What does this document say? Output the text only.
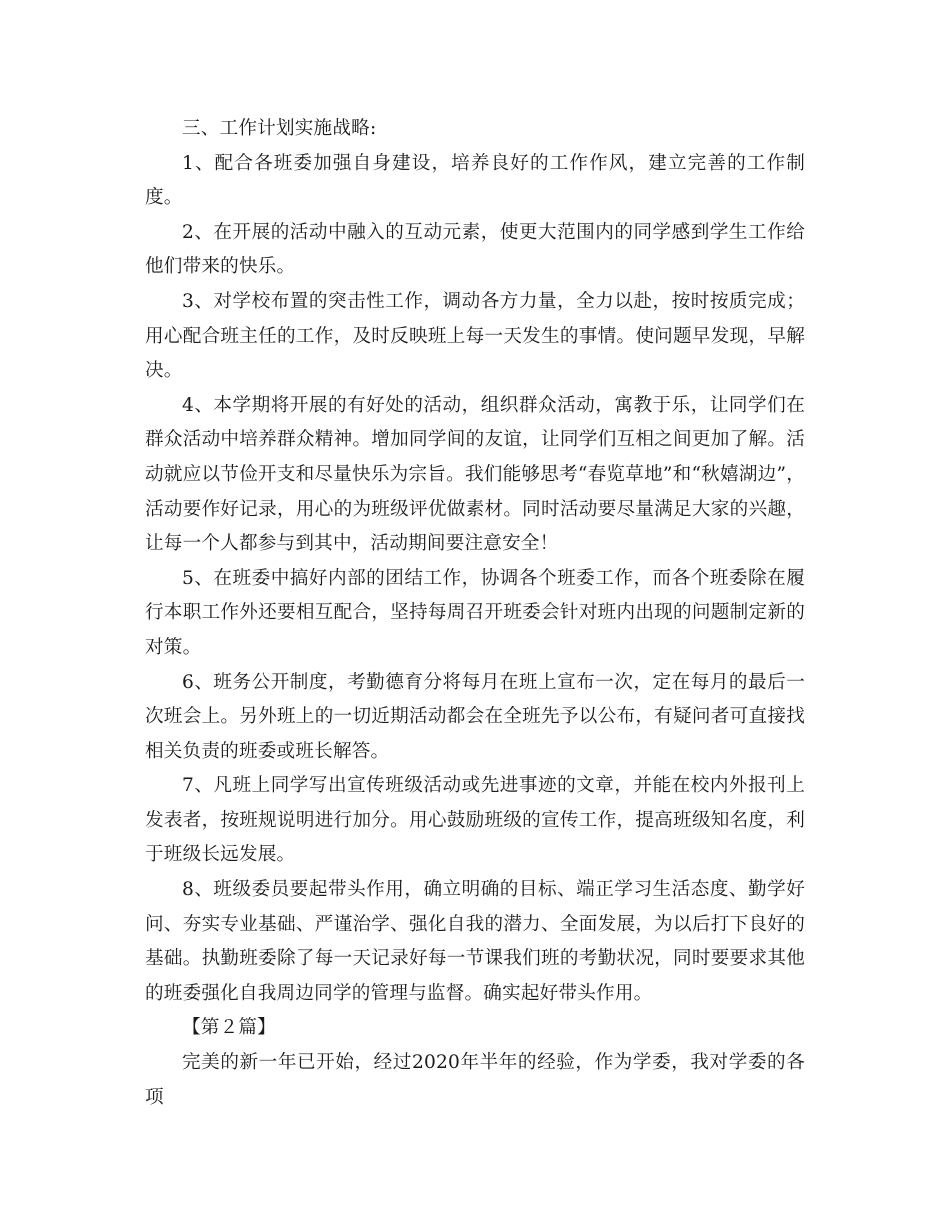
三、工作计划实施战略:

1、配合各班委加强自身建设，培养良好的工作作风，建立完善的工作制度。

2、在开展的活动中融入的互动元素，使更大范围内的同学感到学生工作给他们带来的快乐。

3、对学校布置的突击性工作，调动各方力量，全力以赴，按时按质完成；用心配合班主任的工作，及时反映班上每一天发生的事情。使问题早发现，早解决。

4、本学期将开展的有好处的活动，组织群众活动，寓教于乐，让同学们在群众活动中培养群众精神。增加同学间的友谊，让同学们互相之间更加了解。活动就应以节俭开支和尽量快乐为宗旨。我们能够思考“春览草地”和“秋嬉湖边”，活动要作好记录，用心的为班级评优做素材。同时活动要尽量满足大家的兴趣，让每一个人都参与到其中，活动期间要注意安全！

5、在班委中搞好内部的团结工作，协调各个班委工作，而各个班委除在履行本职工作外还要相互配合，坚持每周召开班委会针对班内出现的问题制定新的对策。

6、班务公开制度，考勤德育分将每月在班上宣布一次，定在每月的最后一次班会上。另外班上的一切近期活动都会在全班先予以公布，有疑问者可直接找相关负责的班委或班长解答。

7、凡班上同学写出宣传班级活动或先进事迹的文章，并能在校内外报刊上发表者，按班规说明进行加分。用心鼓励班级的宣传工作，提高班级知名度，利于班级长远发展。

8、班级委员要起带头作用，确立明确的目标、端正学习生活态度、勤学好问、夯实专业基础、严谨治学、强化自我的潜力、全面发展，为以后打下良好的基础。执勤班委除了每一天记录好每一节课我们班的考勤状况，同时要要求其他的班委强化自我周边同学的管理与监督。确实起好带头作用。

【第２篇】

完美的新一年已开始，经过2020年半年的经验，作为学委，我对学委的各项
